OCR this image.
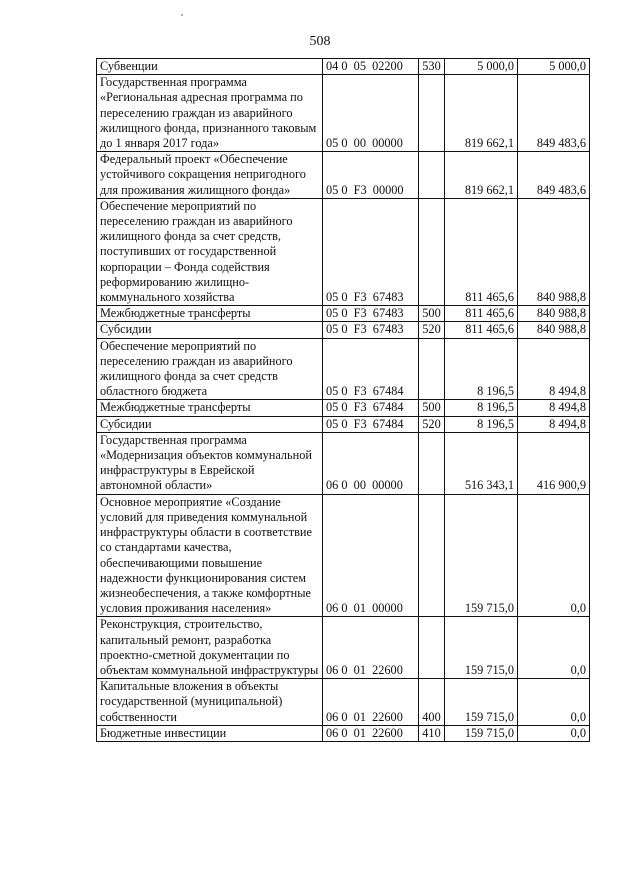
508
Субвенции	04 0  05  02200	530	5 000,0	5 000,0
Государственная программа «Региональная адресная программа по переселению граждан из аварийного жилищного фонда, признанного таковым до 1 января 2017 года»	05 0  00  00000		819 662,1	849 483,6
Федеральный проект «Обеспечение устойчивого сокращения непригодного для проживания жилищного фонда»	05 0  F3  00000		819 662,1	849 483,6
Обеспечение мероприятий по переселению граждан из аварийного жилищного фонда за счет средств, поступивших от государственной корпорации – Фонда содействия реформированию жилищно-коммунального хозяйства	05 0  F3  67483		811 465,6	840 988,8
Межбюджетные трансферты	05 0  F3  67483	500	811 465,6	840 988,8
Субсидии	05 0  F3  67483	520	811 465,6	840 988,8
Обеспечение мероприятий по переселению граждан из аварийного жилищного фонда за счет средств областного бюджета	05 0  F3  67484		8 196,5	8 494,8
Межбюджетные трансферты	05 0  F3  67484	500	8 196,5	8 494,8
Субсидии	05 0  F3  67484	520	8 196,5	8 494,8
Государственная программа «Модернизация объектов коммунальной инфраструктуры в Еврейской автономной области»	06 0  00  00000		516 343,1	416 900,9
Основное мероприятие «Создание условий для приведения коммунальной инфраструктуры области в соответствие со стандартами качества, обеспечивающими повышение надежности функционирования систем жизнеобеспечения, а также комфортные условия проживания населения»	06 0  01  00000		159 715,0	0,0
Реконструкция, строительство, капитальный ремонт, разработка проектно-сметной документации по объектам коммунальной инфраструктуры	06 0  01  22600		159 715,0	0,0
Капитальные вложения в объекты государственной (муниципальной) собственности	06 0  01  22600	400	159 715,0	0,0
Бюджетные инвестиции	06 0  01  22600	410	159 715,0	0,0
